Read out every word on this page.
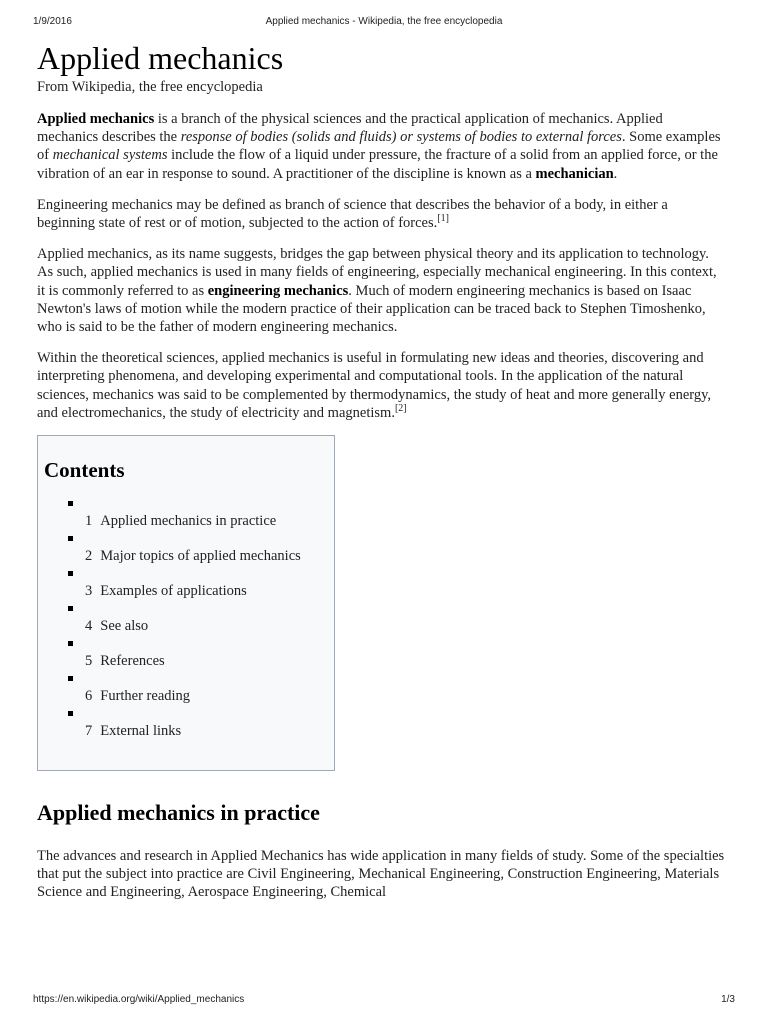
1/9/2016	Applied mechanics - Wikipedia, the free encyclopedia
Applied mechanics
From Wikipedia, the free encyclopedia

Applied mechanics is a branch of the physical sciences and the practical application of mechanics. Applied mechanics describes the response of bodies (solids and fluids) or systems of bodies to external forces. Some examples of mechanical systems include the flow of a liquid under pressure, the fracture of a solid from an applied force, or the vibration of an ear in response to sound. A practitioner of the discipline is known as a mechanician.

Engineering mechanics may be defined as branch of science that describes the behavior of a body, in either a beginning state of rest or of motion, subjected to the action of forces.[1]

Applied mechanics, as its name suggests, bridges the gap between physical theory and its application to technology. As such, applied mechanics is used in many fields of engineering, especially mechanical engineering. In this context, it is commonly referred to as engineering mechanics. Much of modern engineering mechanics is based on Isaac Newton's laws of motion while the modern practice of their application can be traced back to Stephen Timoshenko, who is said to be the father of modern engineering mechanics.

Within the theoretical sciences, applied mechanics is useful in formulating new ideas and theories, discovering and interpreting phenomena, and developing experimental and computational tools. In the application of the natural sciences, mechanics was said to be complemented by thermodynamics, the study of heat and more generally energy, and electromechanics, the study of electricity and magnetism.[2]

Contents
1 Applied mechanics in practice
2 Major topics of applied mechanics
3 Examples of applications
4 See also
5 References
6 Further reading
7 External links
Applied mechanics in practice

The advances and research in Applied Mechanics has wide application in many fields of study. Some of the specialties that put the subject into practice are Civil Engineering, Mechanical Engineering, Construction Engineering, Materials Science and Engineering, Aerospace Engineering, Chemical

https://en.wikipedia.org/wiki/Applied_mechanics	1/3
